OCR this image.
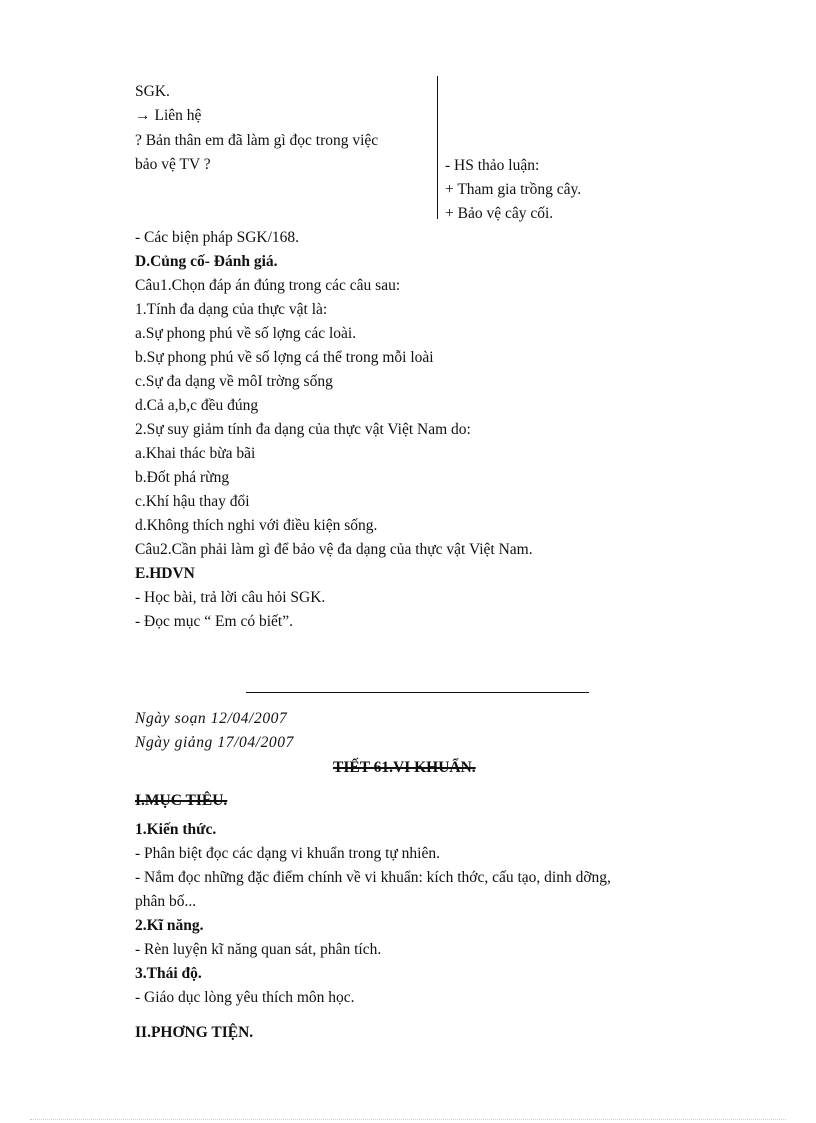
SGK.
→ Liên hệ
? Bản thân em đã làm gì đọc trong việc
bảo vệ TV ?	- HS thảo luận:
+ Tham gia trồng cây.
+ Bảo vệ cây cối.
- Các biện pháp SGK/168.
D.Củng cố- Đánh giá.
Câu1.Chọn đáp án đúng trong các câu sau:
1.Tính đa dạng của thực vật là:
a.Sự phong phú về số lợng các loài.
b.Sự phong phú về số lợng cá thể trong mỗi loài
c.Sự đa dạng về môI trờng sống
d.Cả a,b,c đều đúng
2.Sự suy giảm tính đa dạng của thực vật Việt Nam do:
a.Khai thác bừa bãi
b.Đốt phá rừng
c.Khí hậu thay đổi
d.Không thích nghi với điều kiện sống.
Câu2.Cần phải làm gì để bảo vệ đa dạng của thực vật Việt Nam.
E.HDVN
- Học bài, trả lời câu hỏi SGK.
- Đọc mục “ Em có biết”.
Ngày soạn 12/04/2007
Ngày giảng 17/04/2007
TIẾT 61.VI KHUẨN.
I.MỤC TIÊU.
1.Kiến thức.
- Phân biệt đọc các dạng vi khuẩn trong tự nhiên.
- Nắm đọc những đặc điểm chính về vi khuẩn: kích thớc, cấu tạo, dinh dỡng,
phân bố...
2.Kĩ năng.
- Rèn luyện kĩ năng quan sát, phân tích.
3.Thái độ.
- Giáo dục lòng yêu thích môn học.
II.PHƠNG TIỆN.
